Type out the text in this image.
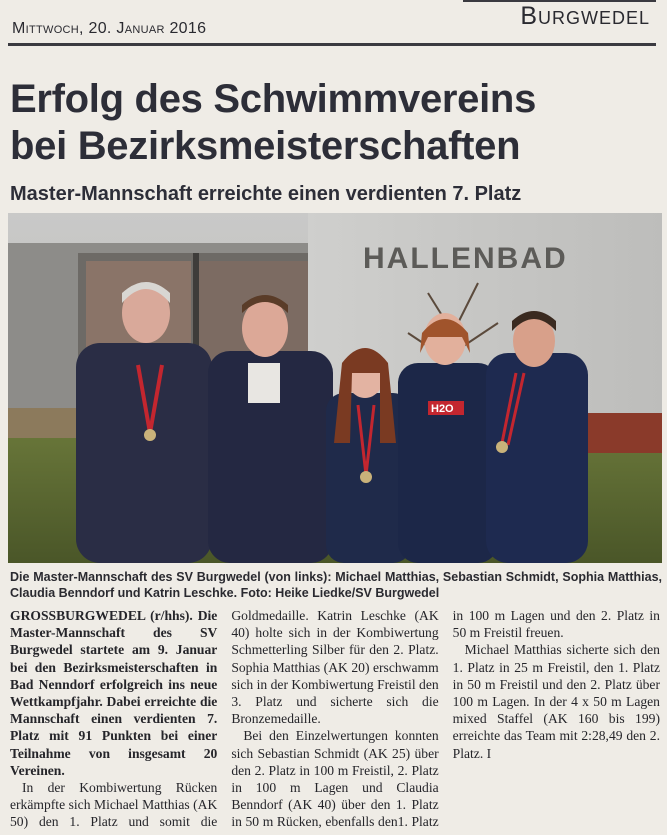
Mittwoch, 20. Januar 2016	Burgwedel
Erfolg des Schwimmvereins
bei Bezirksmeisterschaften
Master-Mannschaft erreichte einen verdienten 7. Platz
HALLENBAD
H2O

Die Master-Mannschaft des SV Burgwedel (von links): Michael Matthias, Sebastian Schmidt, Sophia Matthias, Claudia Benndorf und Katrin Leschke. Foto: Heike Liedke/SV Burgwedel

GROSSBURGWEDEL (r/hhs). Die Master-Mannschaft des SV Burgwedel startete am 9. Januar bei den Bezirksmeisterschaften in Bad Nenndorf erfolgreich ins neue Wettkampfjahr. Dabei erreichte die Mannschaft einen verdienten 7. Platz mit 91 Punkten bei einer Teilnahme von insgesamt 20 Vereinen.

In der Kombiwertung Rücken erkämpfte sich Michael Matthias (AK 50) den 1. Platz und somit die Goldmedaille. Katrin Leschke (AK 40) holte sich in der Kombiwertung Schmetterling Silber für den 2. Platz. Sophia Matthias (AK 20) erschwamm sich in der Kombiwertung Freistil den 3. Platz und sicherte sich die Bronzemedaille.

Bei den Einzelwertungen konnten sich Sebastian Schmidt (AK 25) über den 2. Platz in 100 m Freistil, 2. Platz in 100 m Lagen und Claudia Benndorf (AK 40) über den 1. Platz in 50 m Rücken, ebenfalls den1. Platz in 100 m Lagen und den 2. Platz in 50 m Freistil freuen.

Michael Matthias sicherte sich den 1. Platz in 25 m Freistil, den 1. Platz in 50 m Freistil und den 2. Platz über 100 m Lagen. In der 4 x 50 m Lagen mixed Staffel (AK 160 bis 199) erreichte das Team mit 2:28,49 den 2. Platz. I
